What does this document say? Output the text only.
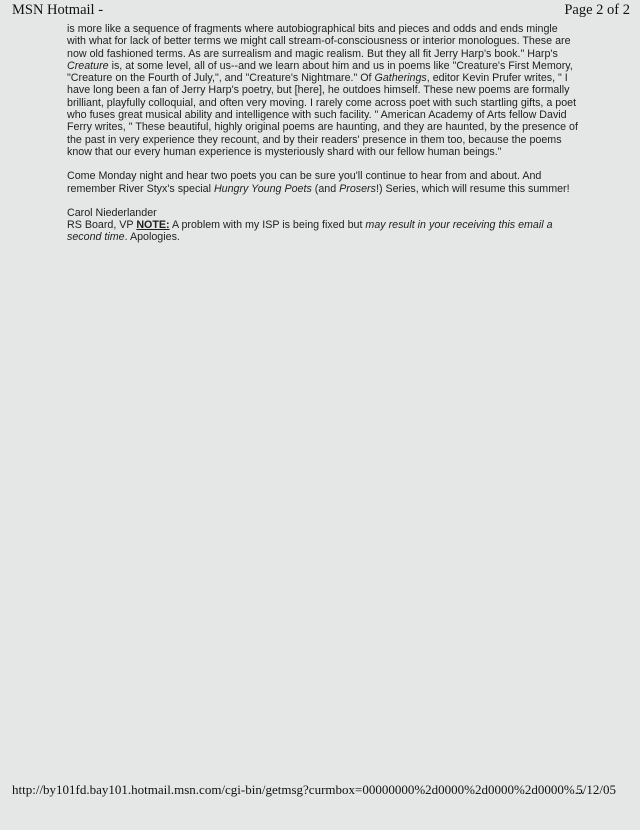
MSN Hotmail -	Page 2 of 2

is more like a sequence of fragments where autobiographical bits and pieces and odds and ends mingle with what for lack of better terms we might call stream-of-consciousness or interior monologues. These are now old fashioned terms. As are surrealism and magic realism. But they all fit Jerry Harp's book." Harp's Creature is, at some level, all of us--and we learn about him and us in poems like "Creature's First Memory, "Creature on the Fourth of July,", and "Creature's Nightmare." Of Gatherings, editor Kevin Prufer writes, " I have long been a fan of Jerry Harp's poetry, but [here], he outdoes himself. These new poems are formally brilliant, playfully colloquial, and often very moving. I rarely come across poet with such startling gifts, a poet who fuses great musical ability and intelligence with such facility. " American Academy of Arts fellow David Ferry writes, " These beautiful, highly original poems are haunting, and they are haunted, by the presence of the past in very experience they recount, and by their readers' presence in them too, because the poems know that our every human experience is mysteriously shard with our fellow human beings."

Come Monday night and hear two poets you can be sure you'll continue to hear from and about. And remember River Styx's special Hungry Young Poets (and Prosers!) Series, which will resume this summer!

Carol Niederlander

RS Board, VP NOTE: A problem with my ISP is being fixed but may result in your receiving this email a second time. Apologies.

http://by101fd.bay101.hotmail.msn.com/cgi-bin/getmsg?curmbox=00000000%2d0000%2d0000%2d0000%...
5/12/05
